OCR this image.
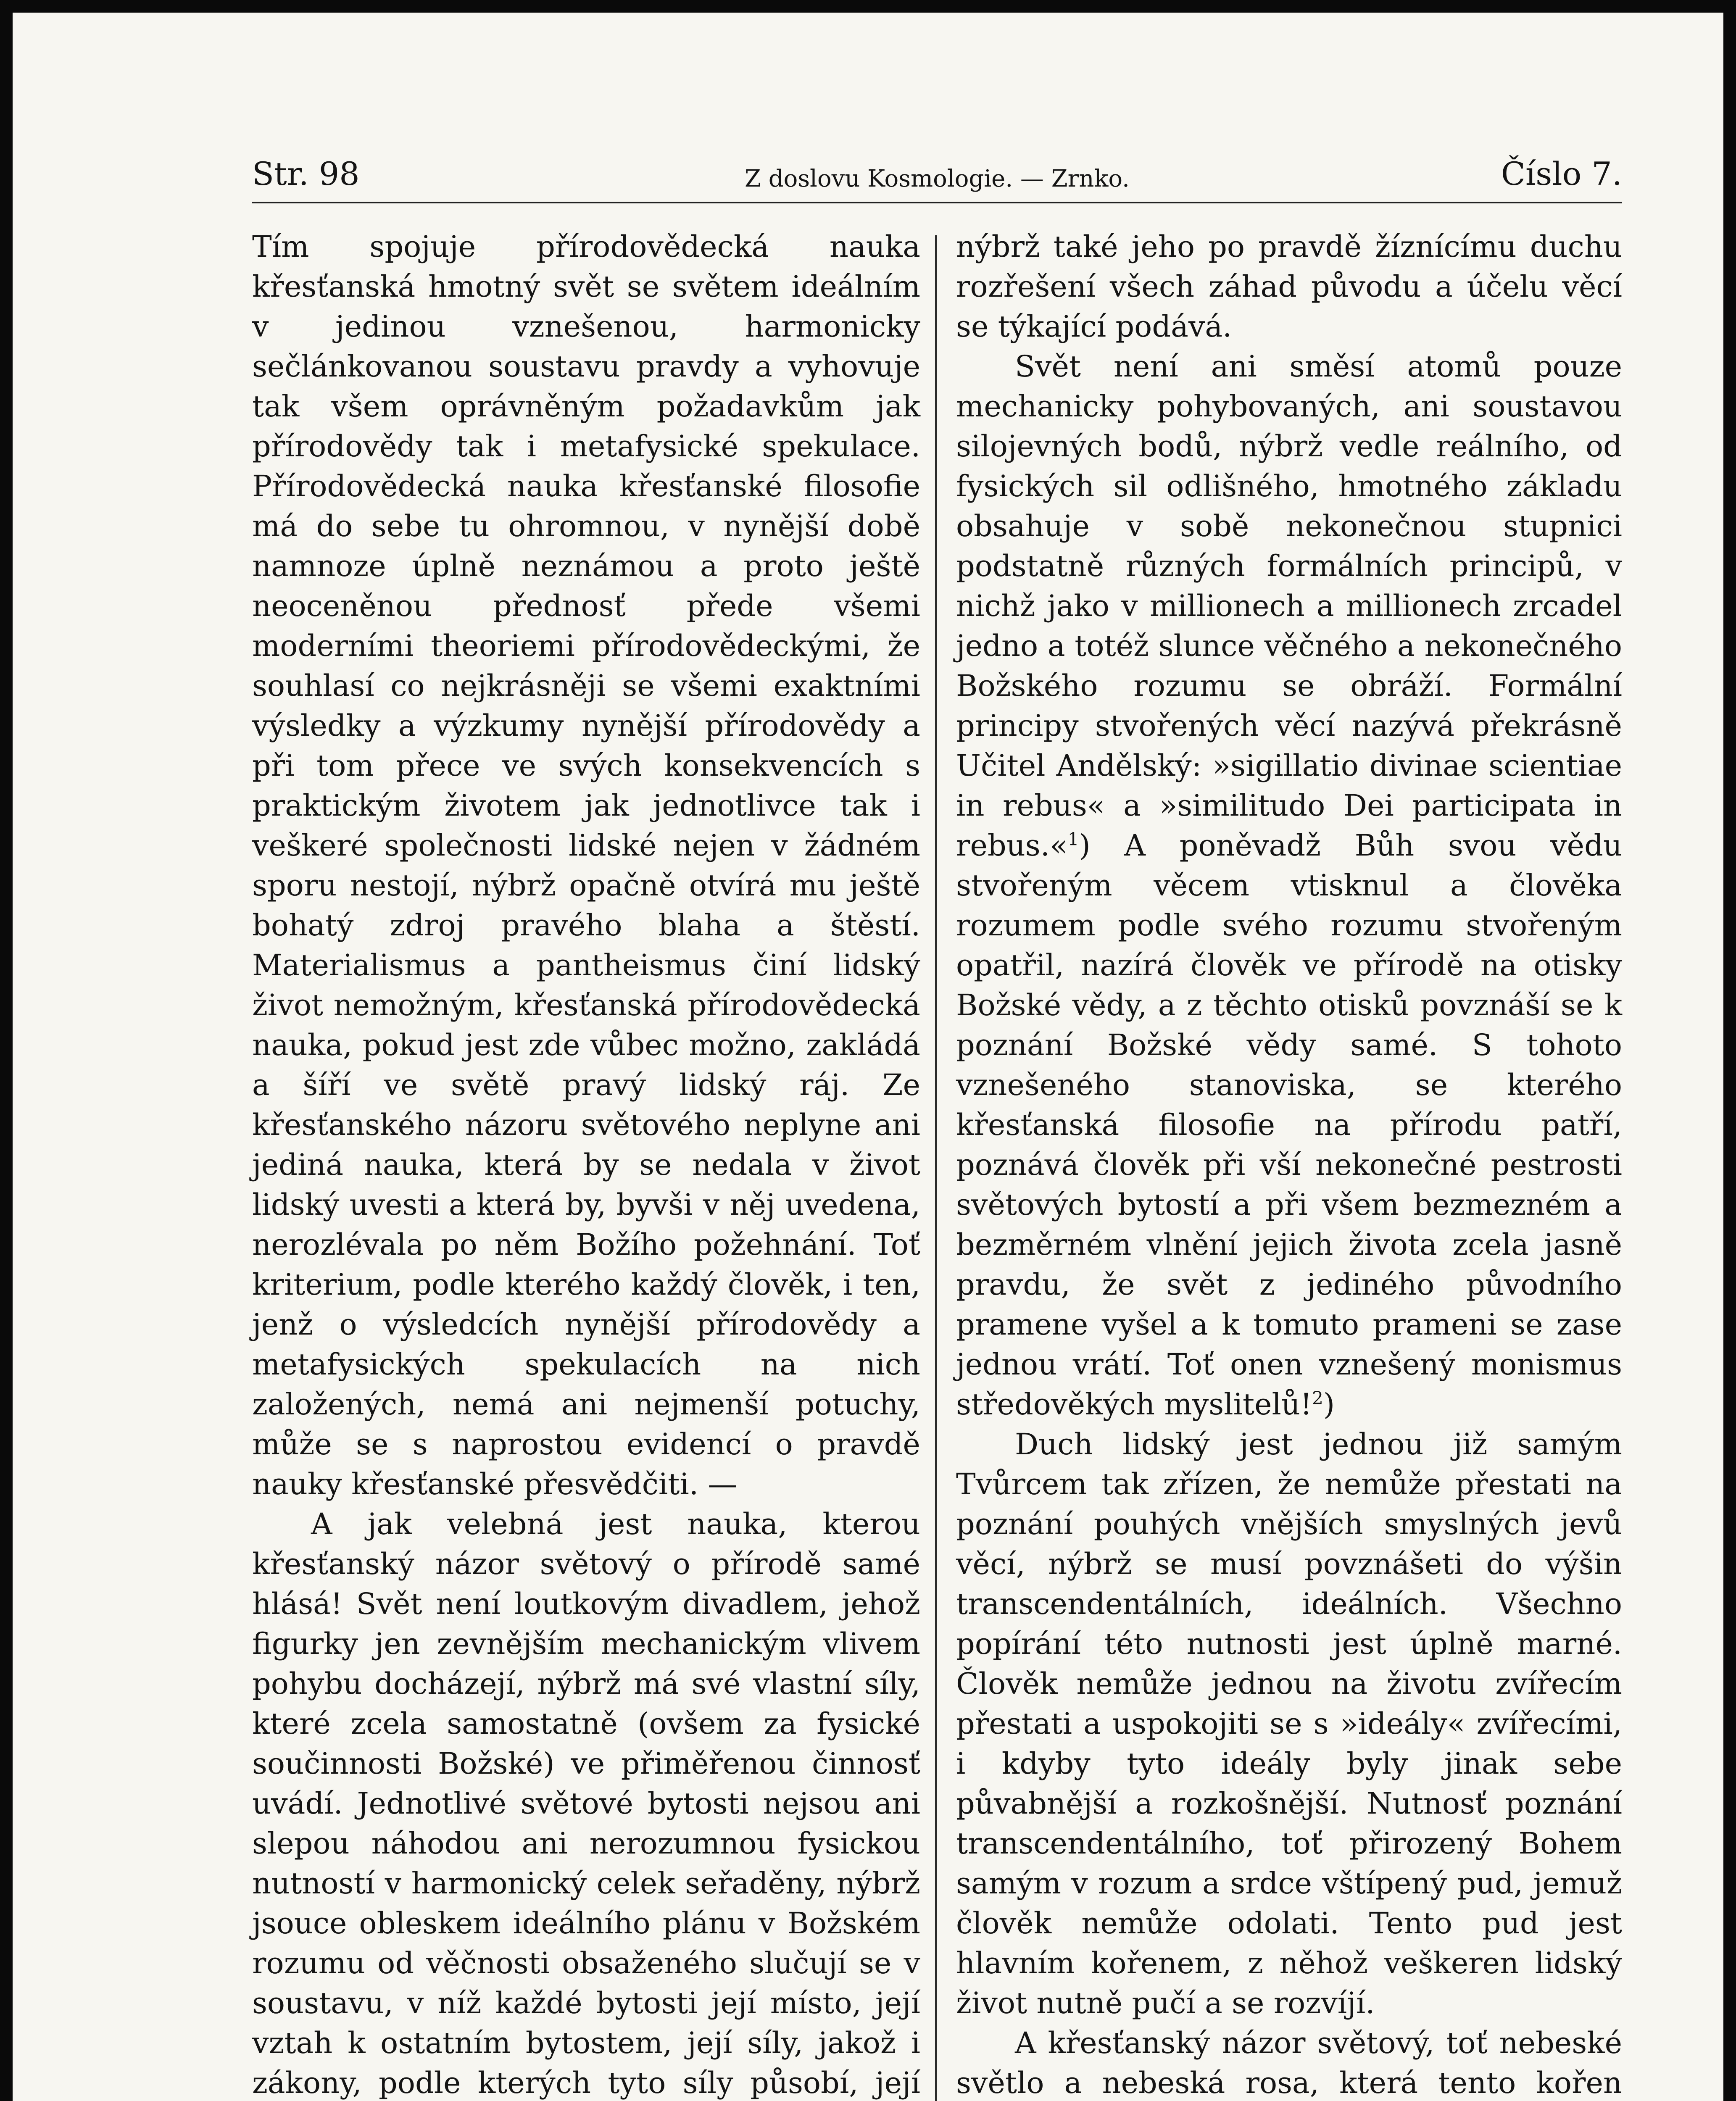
Z doslovu Kosmologie. — Zrnko.
Str. 98	Číslo 7.

Tím spojuje přírodovědecká nauka křesťanská hmotný svět se světem ideálním v jedinou vznešenou, harmonicky sečlánkovanou soustavu pravdy a vyhovuje tak všem oprávněným požadavkům jak přírodovědy tak i metafysické spekulace. Přírodovědecká nauka křesťanské filosofie má do sebe tu ohromnou, v nynější době namnoze úplně neznámou a proto ještě neoceněnou přednosť přede všemi moderními theoriemi přírodovědeckými, že souhlasí co nejkrásněji se všemi exaktními výsledky a výzkumy nynější přírodovědy a při tom přece ve svých konsekvencích s praktickým životem jak jednotlivce tak i veškeré společnosti lidské nejen v žádném sporu nestojí, nýbrž opačně otvírá mu ještě bohatý zdroj pravého blaha a štěstí. Materialismus a pantheismus činí lidský život nemožným, křesťanská přírodovědecká nauka, pokud jest zde vůbec možno, zakládá a šíří ve světě pravý lidský ráj. Ze křesťanského názoru světového neplyne ani jediná nauka, která by se nedala v život lidský uvesti a která by, byvši v něj uvedena, nerozlévala po něm Božího požehnání. Toť kriterium, podle kterého každý člověk, i ten, jenž o výsledcích nynější přírodovědy a metafysických spekulacích na nich založených, nemá ani nejmenší potuchy, může se s naprostou evidencí o pravdě nauky křesťanské přesvědčiti. —

A jak velebná jest nauka, kterou křesťanský názor světový o přírodě samé hlásá! Svět není loutkovým divadlem, jehož figurky jen zevnějším mechanickým vlivem pohybu docházejí, nýbrž má své vlastní síly, které zcela samostatně (ovšem za fysické součinnosti Božské) ve přiměřenou činnosť uvádí. Jednotlivé světové bytosti nejsou ani slepou náhodou ani nerozumnou fysickou nutností v harmonický celek seřaděny, nýbrž jsouce obleskem ideálního plánu v Božském rozumu od věčnosti obsaženého slučují se v soustavu, v níž každé bytosti její místo, její vztah k ostatním bytostem, její síly, jakož i zákony, podle kterých tyto síly působí, její

nýbrž také jeho po pravdě žíznícímu duchu rozřešení všech záhad původu a účelu věcí se týkající podává.

Svět není ani směsí atomů pouze mechanicky pohybovaných, ani soustavou silojevných bodů, nýbrž vedle reálního, od fysických sil odlišného, hmotného základu obsahuje v sobě nekonečnou stupnici podstatně různých formálních principů, v nichž jako v millionech a millionech zrcadel jedno a totéž slunce věčného a nekonečného Božského rozumu se obráží. Formální principy stvořených věcí nazývá překrásně Učitel Andělský: »sigillatio divinae scientiae in rebus« a »similitudo Dei participata in rebus.«$^1$) A poněvadž Bůh svou vědu stvořeným věcem vtisknul a člověka rozumem podle svého rozumu stvořeným opatřil, nazírá člověk ve přírodě na otisky Božské vědy, a z těchto otisků povznáší se k poznání Božské vědy samé. S tohoto vznešeného stanoviska, se kterého křesťanská filosofie na přírodu patří, poznává člověk při vší nekonečné pestrosti světových bytostí a při všem bezmezném a bezměrném vlnění jejich života zcela jasně pravdu, že svět z jediného původního pramene vyšel a k tomuto prameni se zase jednou vrátí. Toť onen vznešený monismus středověkých myslitelů!$^2$)

Duch lidský jest jednou již samým Tvůrcem tak zřízen, že nemůže přestati na poznání pouhých vnějších smyslných jevů věcí, nýbrž se musí povznášeti do výšin transcendentálních, ideálních. Všechno popírání této nutnosti jest úplně marné. Člověk nemůže jednou na životu zvířecím přestati a uspokojiti se s »ideály« zvířecími, i kdyby tyto ideály byly jinak sebe půvabnější a rozkošnější. Nutnosť poznání transcendentálního, toť přirozený Bohem samým v rozum a srdce vštípený pud, jemuž člověk nemůže odolati. Tento pud jest hlavním kořenem, z něhož veškeren lidský život nutně pučí a se rozvíjí.

A křesťanský názor světový, toť nebeské světlo a nebeská rosa, která tento kořen
